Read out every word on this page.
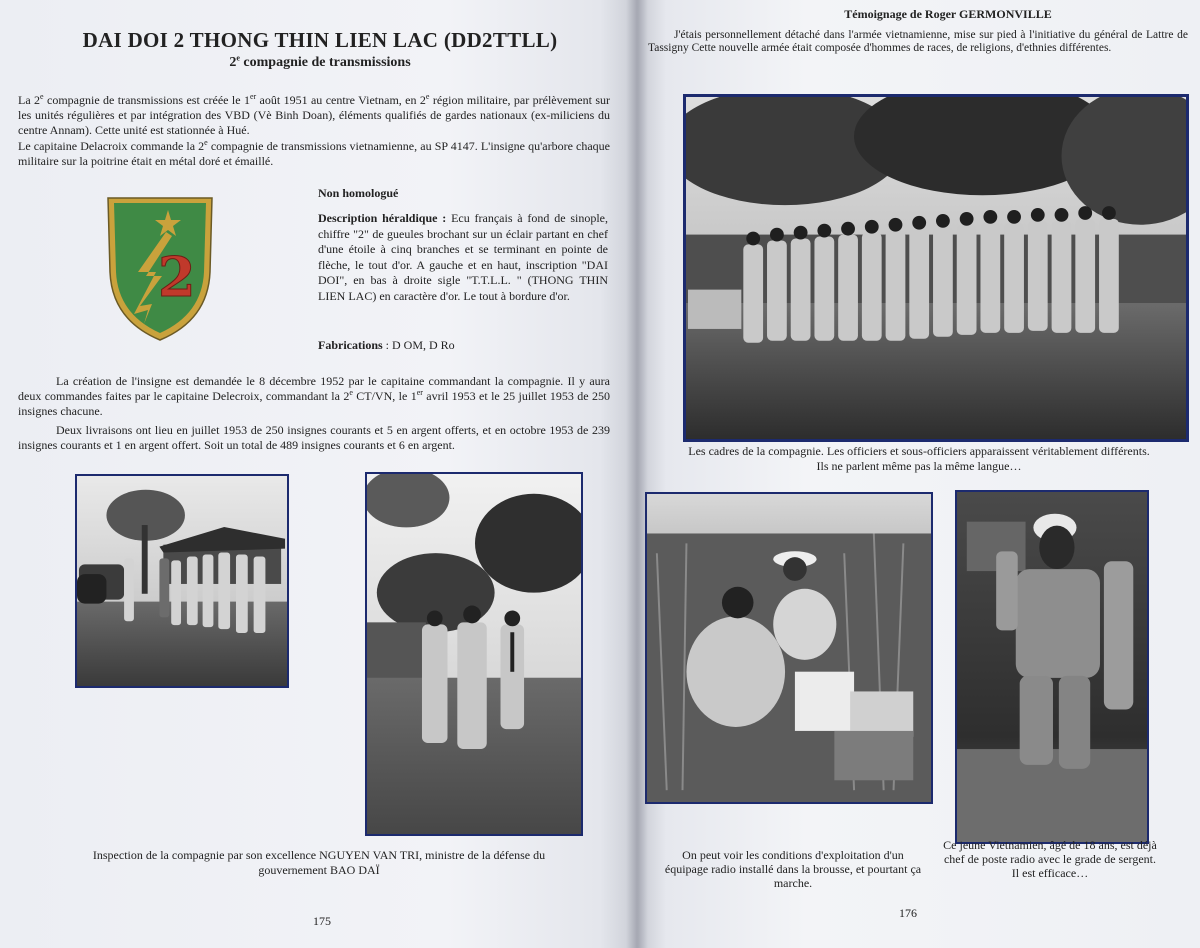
DAI DOI 2 THONG THIN LIEN LAC (DD2TTLL)
2e compagnie de transmissions
La 2e compagnie de transmissions est créée le 1er août 1951 au centre Vietnam, en 2e région militaire, par prélèvement sur les unités régulières et par intégration des VBD (Vè Binh Doan), éléments qualifiés de gardes nationaux (ex-miliciens du centre Annam). Cette unité est stationnée à Hué.
Le capitaine Delacroix commande la 2e compagnie de transmissions vietnamienne, au SP 4147. L'insigne qu'arbore chaque militaire sur la poitrine était en métal doré et émaillé.
2
Non homologué
Description héraldique : Ecu français à fond de sinople, chiffre "2" de gueules brochant sur un éclair partant en chef d'une étoile à cinq branches et se terminant en pointe de flèche, le tout d'or. A gauche et en haut, inscription "DAI DOI", en bas à droite sigle "T.T.L.L. " (THONG THIN LIEN LAC) en caractère d'or. Le tout à bordure d'or.
Fabrications : D OM, D Ro
La création de l'insigne est demandée le 8 décembre 1952 par le capitaine commandant la compagnie. Il y aura deux commandes faites par le capitaine Delecroix, commandant la 2e CT/VN, le 1er avril 1953 et le 25 juillet 1953 de 250 insignes chacune.
Deux livraisons ont lieu en juillet 1953 de 250 insignes courants et 5 en argent offerts, et en octobre 1953 de 239 insignes courants et 1 en argent offert. Soit un total de 489 insignes courants et 6 en argent.
Inspection de la compagnie par son excellence NGUYEN VAN TRI, ministre de la défense du
gouvernement BAO DAÏ
175
Témoignage de Roger GERMONVILLE
J'étais personnellement détaché dans l'armée vietnamienne, mise sur pied à l'initiative du général de Lattre de Tassigny Cette nouvelle armée était composée d'hommes de races, de religions, d'ethnies différentes.
Les cadres de la compagnie. Les officiers et sous-officiers apparaissent véritablement différents.
Ils ne parlent même pas la même langue…
On peut voir les conditions d'exploitation d'un
équipage radio installé dans la brousse, et pourtant ça
marche.
Ce jeune Vietnamien, âgé de 18 ans, est déjà
chef de poste radio avec le grade de sergent.
Il est efficace…
176
